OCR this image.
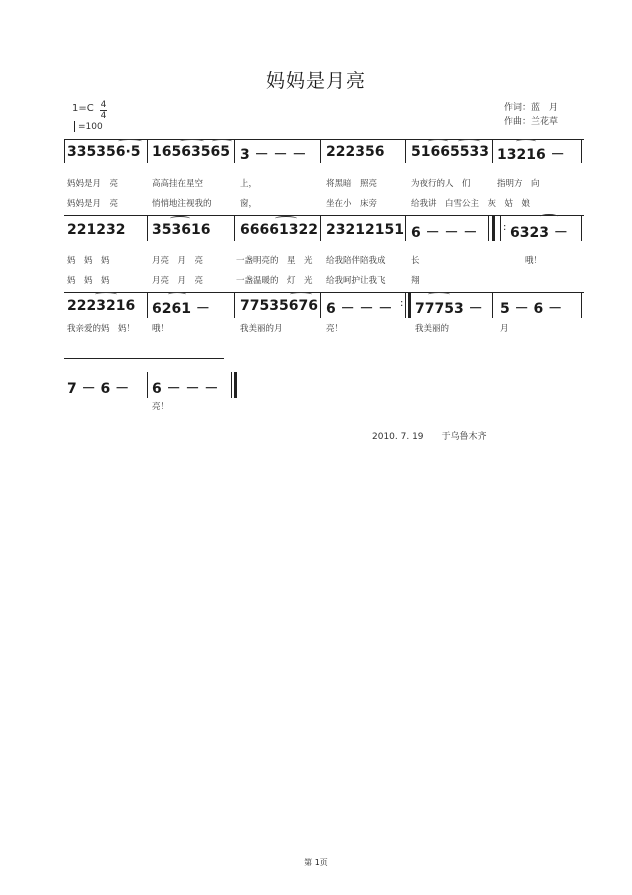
妈妈是月亮
1=C 4
4
=100
作词：蓝　月
作曲：兰花草
335356·5 16563565 3 － － － 222356 51665533 13216 －
妈妈是月　亮	高高挂在星空	上，	将黑暗　照亮	为夜行的人　们	指明方　向
妈妈是月　亮	悄悄地注视我的	窗，	坐在小　床旁	给我讲　白雪公主　灰　姑　娘
221232 353616 66661322 23212151 6 － － －	: 6323 －
妈　妈　妈	月亮　月　亮	一盏明亮的　星　光 给我陪伴陪我成	长	哦！
妈　妈　妈	月亮　月　亮	一盏温暖的　灯　光 给我呵护让我飞	翔
2223216 6261 － 77535676 6 － － － : 77753 － 5 － 6 －
我亲爱的妈　妈！ 哦！	我美丽的月	亮！	我美丽的	月
7 － 6 － 6 － － －
亮！
2010. 7. 19　　于乌鲁木齐
第 1页
